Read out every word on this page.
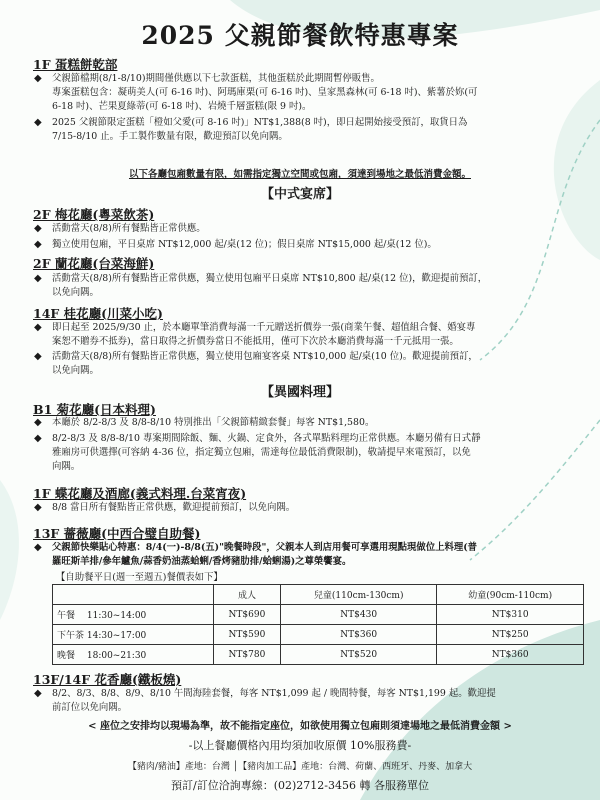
2025 父親節餐飲特惠專案
1F 蛋糕餅乾部
◆ 父親節檔期(8/1-8/10)期間僅供應以下七款蛋糕，其他蛋糕於此期間暫停販售。
專案蛋糕包含：凝萌美人(可 6-16 吋)、阿瑪庫栗(可 6-16 吋)、皇家黑森林(可 6-18 吋)、紫薯於妳(可
6-18 吋)、芒果夏綠蒂(可 6-18 吋)、岩燒千層蛋糕(限 9 吋)。
◆ 2025 父親節限定蛋糕「橙如父愛(可 8-16 吋)」NT$1,388(8 吋)，即日起開始接受預訂，取貨日為
7/15-8/10 止。手工製作數量有限，歡迎預訂以免向隅。
以下各廳包廂數量有限，如需指定獨立空間或包廂，須達到場地之最低消費金額。
【中式宴席】
2F 梅花廳(粵菜飲茶)
◆ 活動當天(8/8)所有餐點皆正常供應。
◆ 獨立使用包廂，平日桌席 NT$12,000 起/桌(12 位)；假日桌席 NT$15,000 起/桌(12 位)。
2F 蘭花廳(台菜海鮮)
◆ 活動當天(8/8)所有餐點皆正常供應，獨立使用包廂平日桌席 NT$10,800 起/桌(12 位)，歡迎提前預訂，
以免向隅。
14F 桂花廳(川菜小吃)
◆ 即日起至 2025/9/30 止，於本廳單筆消費每滿一千元贈送折價券一張(商業午餐、超值組合餐、婚宴專
案恕不贈券不抵券)，當日取得之折價券當日不能抵用，僅可下次於本廳消費每滿一千元抵用一張。
◆ 活動當天(8/8)所有餐點皆正常供應，獨立使用包廂宴客桌 NT$10,000 起/桌(10 位)。歡迎提前預訂，
以免向隅。
【異國料理】
B1 菊花廳(日本料理)
◆ 本廳於 8/2-8/3 及 8/8-8/10 特別推出「父親節精緻套餐」每客 NT$1,580。
◆ 8/2-8/3 及 8/8-8/10 專案期間除飯、麵、火鍋、定食外，各式單點料理均正常供應。本廳另備有日式靜
雅廂房可供選擇(可容納 4-36 位，指定獨立包廂，需達每位最低消費限制)，敬請提早來電預訂，以免
向隅。
1F 蝶花廳及酒廊(義式料理.台菜宵夜)
◆ 8/8 當日所有餐點皆正常供應，歡迎提前預訂，以免向隅。
13F 薔薇廳(中西合璧自助餐)
◆ 父親節快樂貼心特惠：8/4(一)-8/8(五)"晚餐時段"，父親本人到店用餐可享選用現點現做位上料理(普
羅旺斯羊排/參年鱸魚/蒜香奶油蒸蛤蜊/香烤豬肋排/蛤蜊湯)之尊榮饗宴。
【自助餐平日(週一至週五)餐價表如下】
	成人	兒童(110cm-130cm)	幼童(90cm-110cm)
午餐　 11:30~14:00	NT$690	NT$430	NT$310
下午茶 14:30~17:00	NT$590	NT$360	NT$250
晚餐　 18:00~21:30	NT$780	NT$520	NT$360
13F/14F 花香廳(鐵板燒)
◆ 8/2、8/3、8/8、8/9、8/10 午間海陸套餐，每客 NT$1,099 起 / 晚間特餐，每客 NT$1,199 起。歡迎提
前訂位以免向隅。
< 座位之安排均以現場為準，故不能指定座位，如欲使用獨立包廂則須達場地之最低消費金額 >
-以上餐廳價格內用均須加收原價 10%服務費-
【豬肉/豬油】產地：台灣 │【豬肉加工品】產地：台灣、荷蘭、西班牙、丹麥、加拿大
預訂/訂位洽詢專線：(02)2712-3456 轉 各服務單位
